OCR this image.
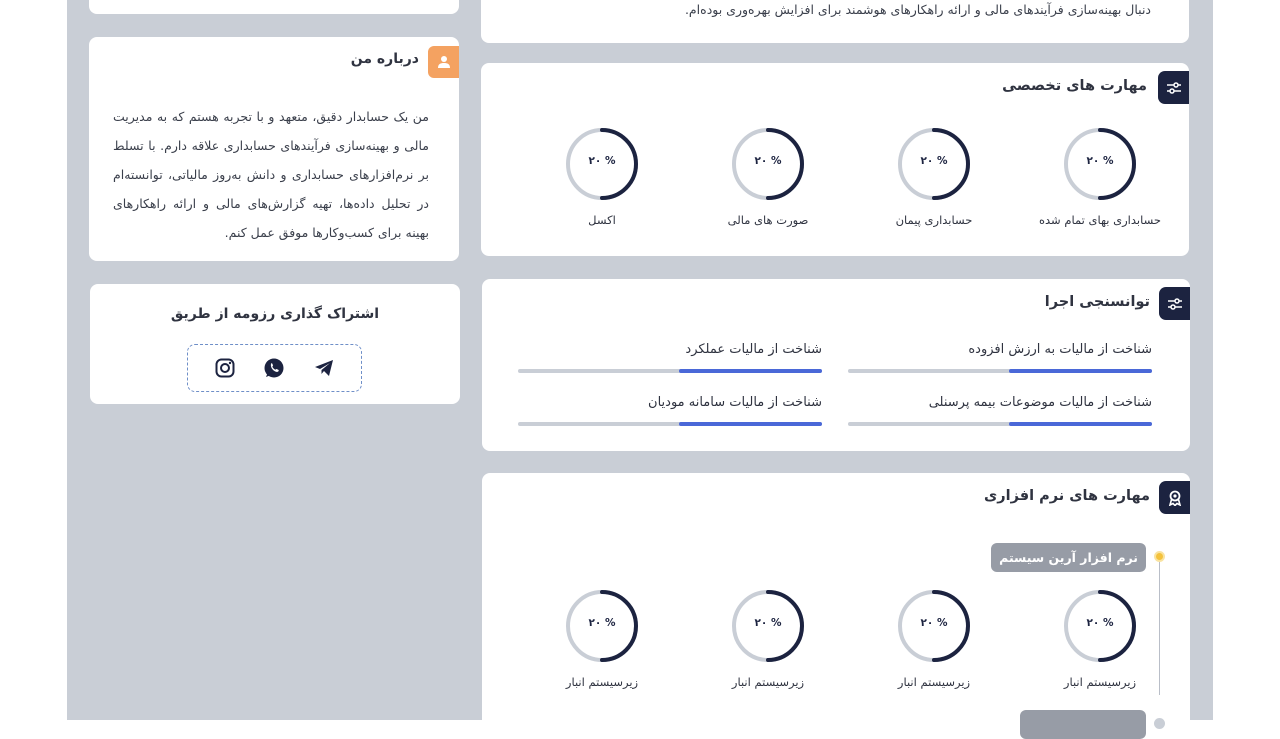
دنبال بهینه‌سازی فرآیندهای مالی و ارائه راهکارهای هوشمند برای افزایش بهره‌وری بوده‌ام.
درباره من
من یک حسابدار دقیق، متعهد و با تجربه هستم که به مدیریت مالی و بهینه‌سازی فرآیندهای حسابداری علاقه دارم. با تسلط بر نرم‌افزارهای حسابداری و دانش به‌روز مالیاتی، توانسته‌ام در تحلیل داده‌ها، تهیه گزارش‌های مالی و ارائه راهکارهای بهینه برای کسب‌وکارها موفق عمل کنم.
اشتراک گذاری رزومه از طریق
مهارت های تخصصی
% ۲۰
حسابداری بهای تمام شده
% ۲۰
حسابداری پیمان
% ۲۰
صورت های مالی
% ۲۰
اکسل
توانسنجی اجرا
شناخت از مالیات به ارزش افزوده
شناخت از مالیات عملکرد
شناخت از مالیات موضوعات بیمه پرسنلی
شناخت از مالیات سامانه مودیان
مهارت های نرم افزاری
نرم افزار آرین سیستم
% ۲۰
زیرسیستم انبار
% ۲۰
زیرسیستم انبار
% ۲۰
زیرسیستم انبار
% ۲۰
زیرسیستم انبار
